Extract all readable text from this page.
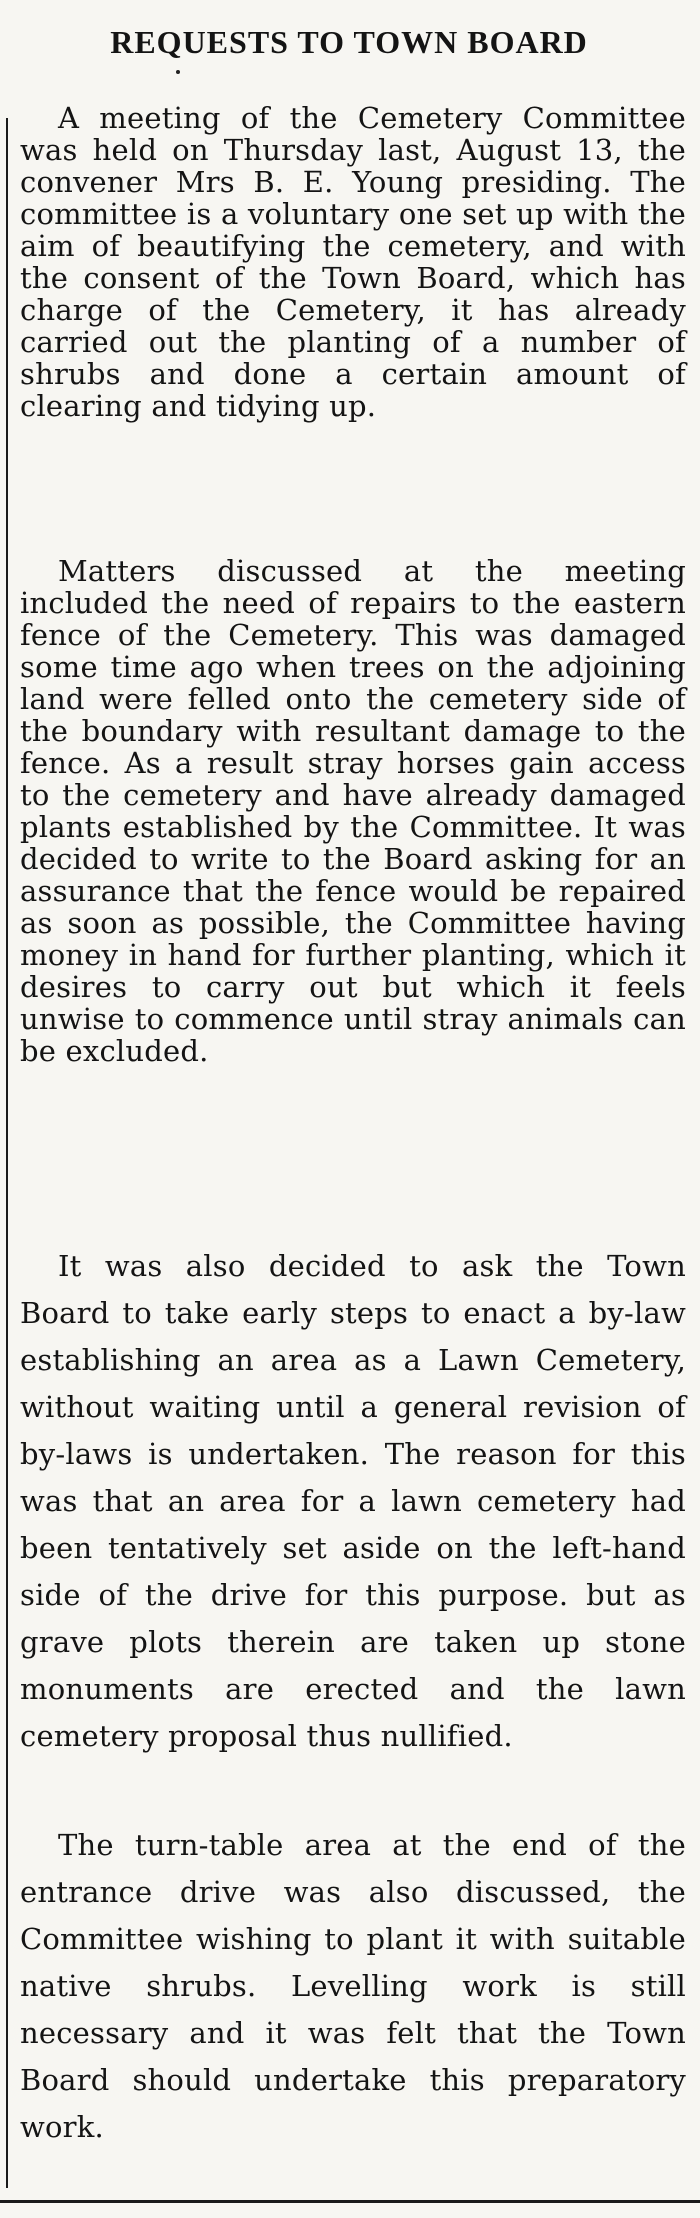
REQUESTS TO TOWN BOARD

A meeting of the Cemetery Committee was held on Thursday last, August 13, the convener Mrs B. E. Young presiding. The committee is a voluntary one set up with the aim of beautifying the cemetery, and with the consent of the Town Board, which has charge of the Cemetery, it has already carried out the planting of a number of shrubs and done a certain amount of clearing and tidying up.

Matters discussed at the meeting included the need of repairs to the eastern fence of the Cemetery. This was damaged some time ago when trees on the adjoining land were felled onto the cemetery side of the boundary with resultant damage to the fence. As a result stray horses gain access to the cemetery and have already damaged plants established by the Committee. It was decided to write to the Board asking for an assurance that the fence would be repaired as soon as possible, the Committee having money in hand for further planting, which it desires to carry out but which it feels unwise to commence until stray animals can be excluded.

It was also decided to ask the Town Board to take early steps to enact a by-law establishing an area as a Lawn Cemetery, without waiting until a general revision of by-laws is undertaken. The reason for this was that an area for a lawn cemetery had been tentatively set aside on the left-hand side of the drive for this purpose. but as grave plots therein are taken up stone monuments are erected and the lawn cemetery proposal thus nullified.

The turn-table area at the end of the entrance drive was also discussed, the Committee wishing to plant it with suitable native shrubs. Levelling work is still necessary and it was felt that the Town Board should undertake this preparatory work.
